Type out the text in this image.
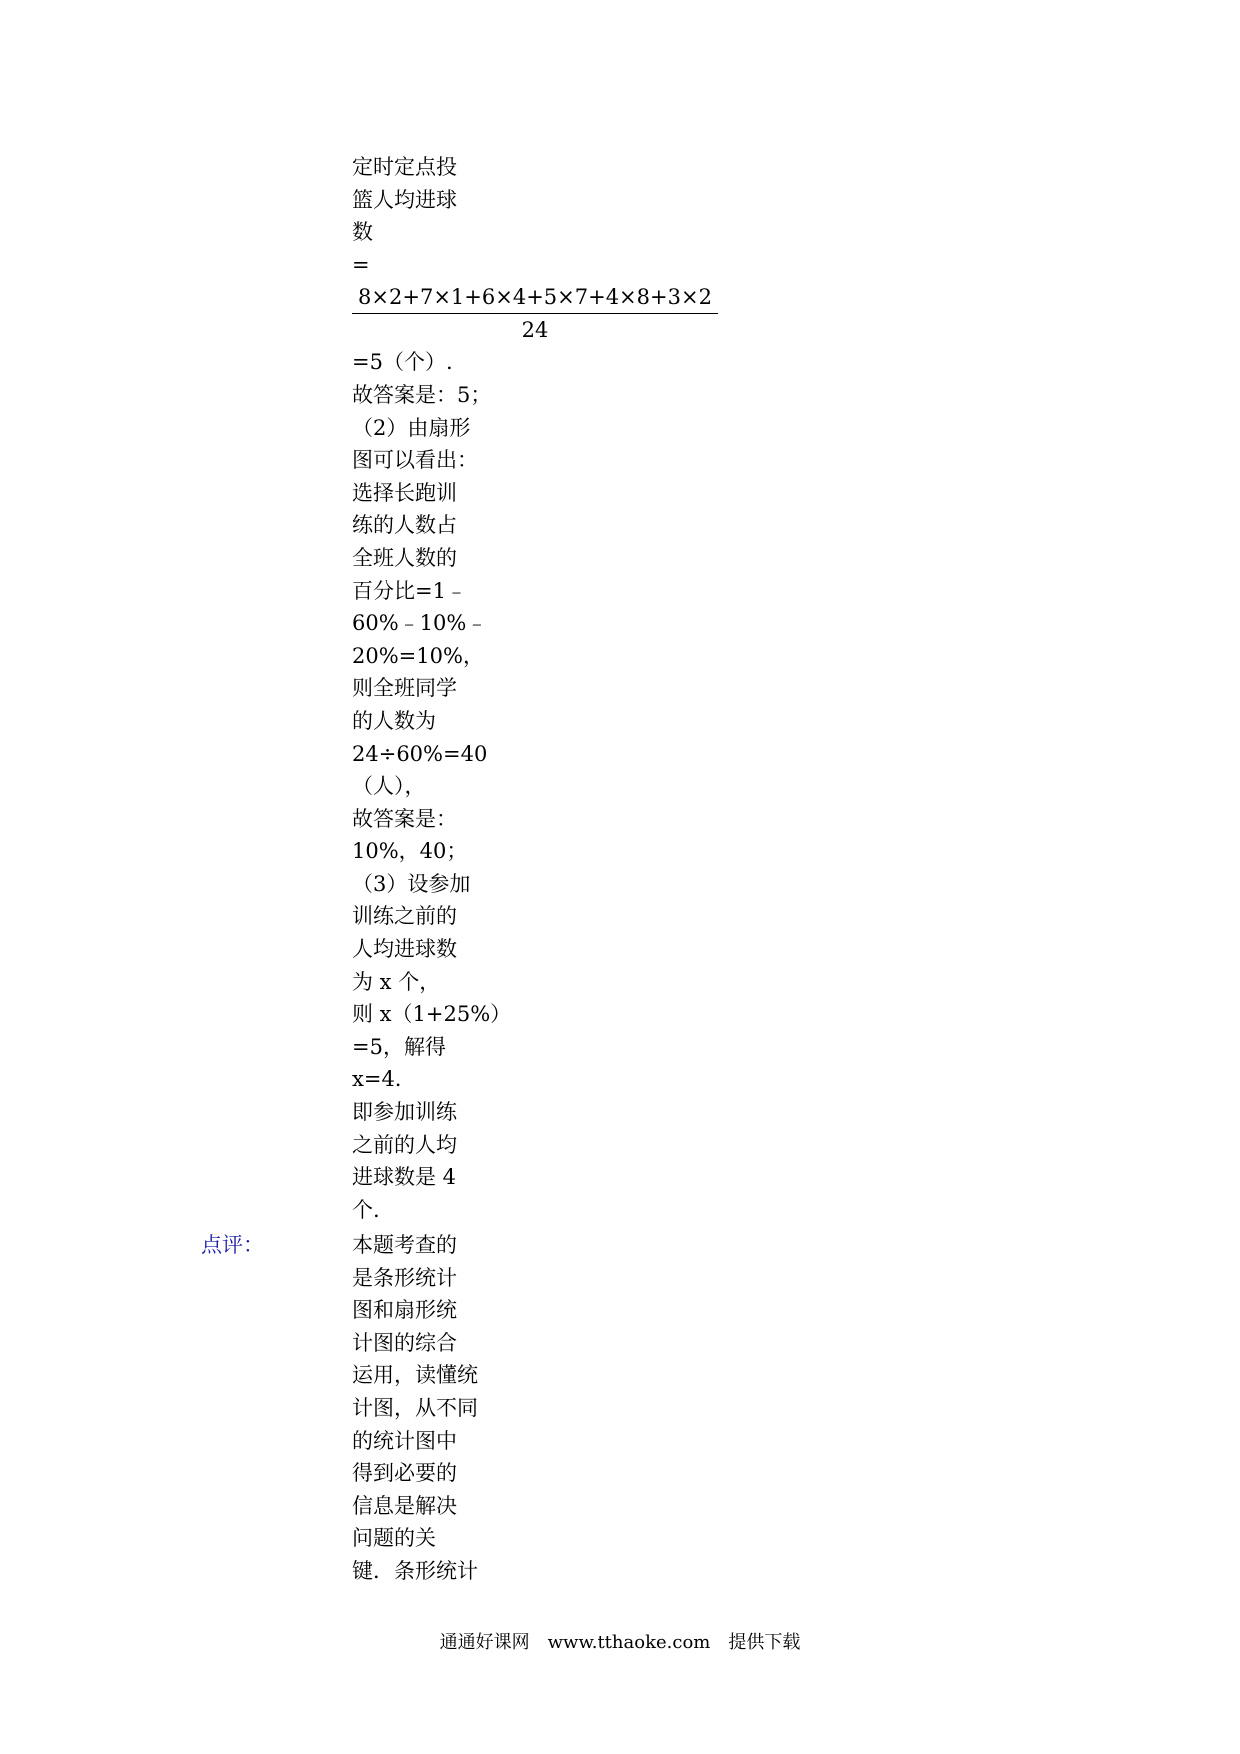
定时定点投
篮人均进球
数
=
8×2+7×1+6×4+5×7+4×8+3×2
24
=5（个）.
故答案是：5；
（2）由扇形
图可以看出：
选择长跑训
练的人数占
全班人数的
百分比=1﹣
60%﹣10%﹣
20%=10%，
则全班同学
的人数为
24÷60%=40
（人），
故答案是：
10%，40；
（3）设参加
训练之前的
人均进球数
为 x 个，
则 x（1+25%）
=5，解得
x=4.
即参加训练
之前的人均
进球数是 4
个.
点评：	本题考查的
是条形统计
图和扇形统
计图的综合
运用，读懂统
计图，从不同
的统计图中
得到必要的
信息是解决
问题的关
键．条形统计
通通好课网　www.tthaoke.com　提供下载
